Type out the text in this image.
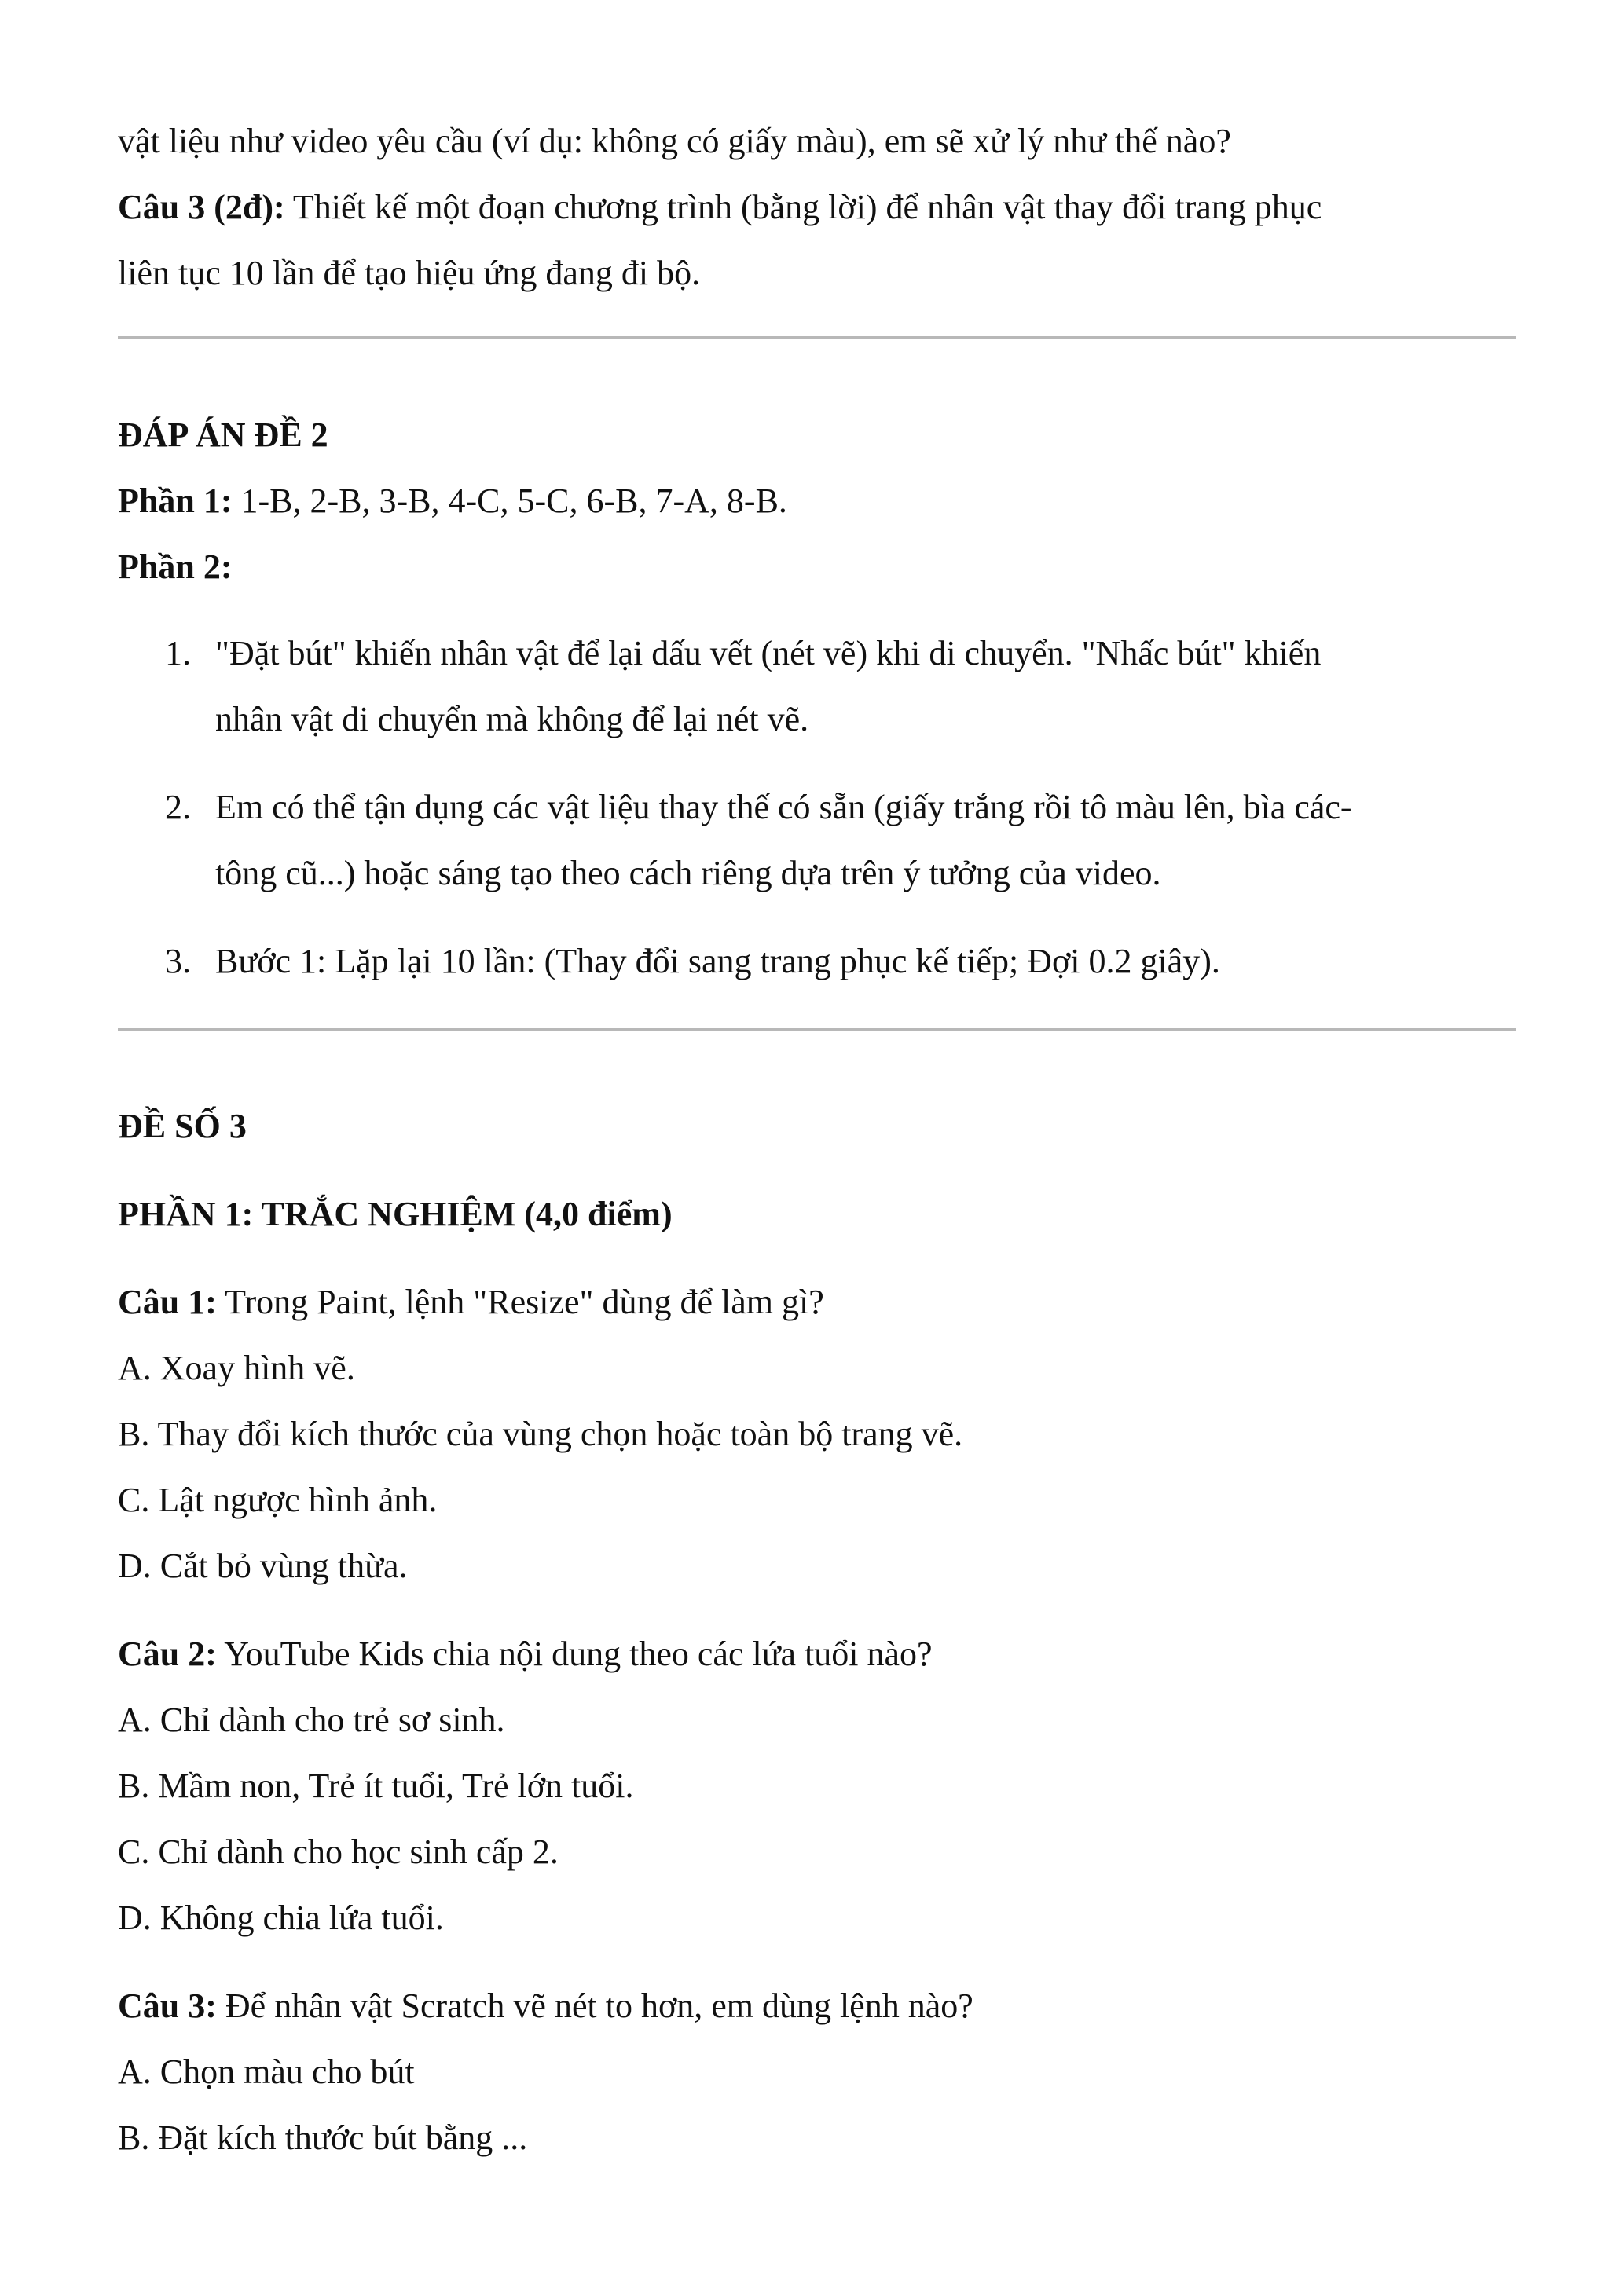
vật liệu như video yêu cầu (ví dụ: không có giấy màu), em sẽ xử lý như thế nào?

Câu 3 (2đ): Thiết kế một đoạn chương trình (bằng lời) để nhân vật thay đổi trang phục

liên tục 10 lần để tạo hiệu ứng đang đi bộ.

ĐÁP ÁN ĐỀ 2

Phần 1: 1-B, 2-B, 3-B, 4-C, 5-C, 6-B, 7-A, 8-B.

Phần 2:

1. "Đặt bút" khiến nhân vật để lại dấu vết (nét vẽ) khi di chuyển. "Nhấc bút" khiến
nhân vật di chuyển mà không để lại nét vẽ.
2. Em có thể tận dụng các vật liệu thay thế có sẵn (giấy trắng rồi tô màu lên, bìa các-
tông cũ...) hoặc sáng tạo theo cách riêng dựa trên ý tưởng của video.
3. Bước 1: Lặp lại 10 lần: (Thay đổi sang trang phục kế tiếp; Đợi 0.2 giây).

ĐỀ SỐ 3

PHẦN 1: TRẮC NGHIỆM (4,0 điểm)

Câu 1: Trong Paint, lệnh "Resize" dùng để làm gì?

A. Xoay hình vẽ.

B. Thay đổi kích thước của vùng chọn hoặc toàn bộ trang vẽ.

C. Lật ngược hình ảnh.

D. Cắt bỏ vùng thừa.

Câu 2: YouTube Kids chia nội dung theo các lứa tuổi nào?

A. Chỉ dành cho trẻ sơ sinh.

B. Mầm non, Trẻ ít tuổi, Trẻ lớn tuổi.

C. Chỉ dành cho học sinh cấp 2.

D. Không chia lứa tuổi.

Câu 3: Để nhân vật Scratch vẽ nét to hơn, em dùng lệnh nào?

A. Chọn màu cho bút

B. Đặt kích thước bút bằng ...
